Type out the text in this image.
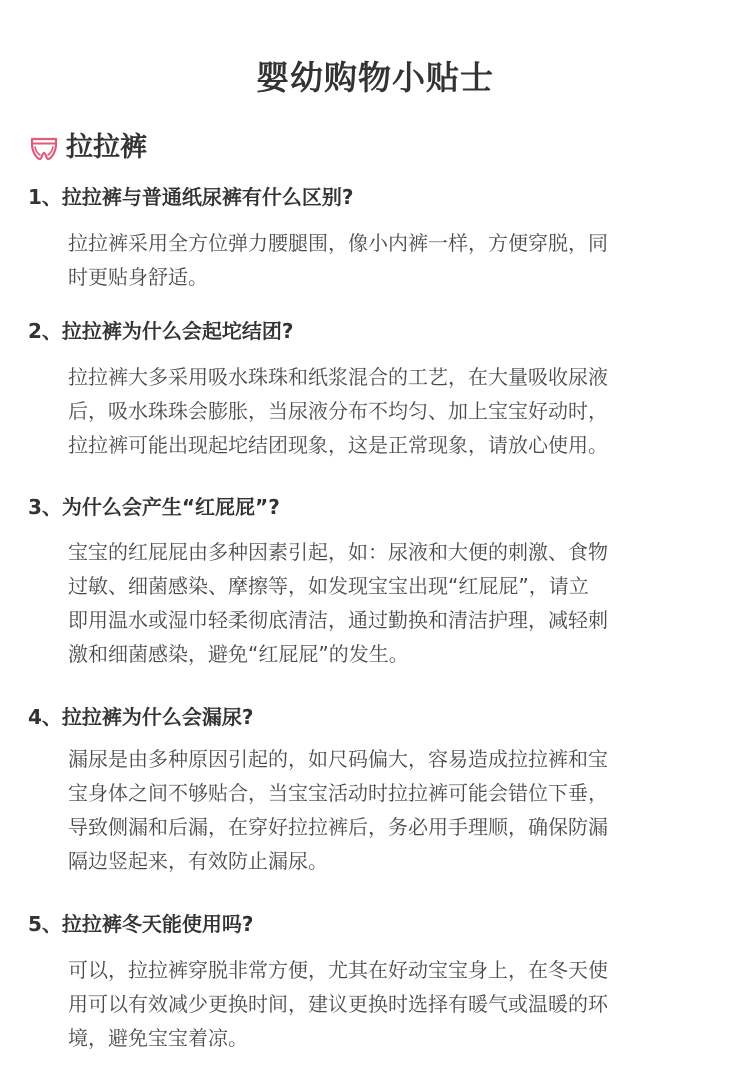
婴幼购物小贴士
拉拉裤
1、拉拉裤与普通纸尿裤有什么区别?
拉拉裤采用全方位弹力腰腿围，像小内裤一样，方便穿脱，同
时更贴身舒适。
2、拉拉裤为什么会起坨结团?
拉拉裤大多采用吸水珠珠和纸浆混合的工艺，在大量吸收尿液
后，吸水珠珠会膨胀，当尿液分布不均匀、加上宝宝好动时，
拉拉裤可能出现起坨结团现象，这是正常现象，请放心使用。
3、为什么会产生“红屁屁”?
宝宝的红屁屁由多种因素引起，如：尿液和大便的刺激、食物
过敏、细菌感染、摩擦等，如发现宝宝出现“红屁屁”，请立
即用温水或湿巾轻柔彻底清洁，通过勤换和清洁护理，减轻刺
激和细菌感染，避免“红屁屁”的发生。
4、拉拉裤为什么会漏尿?
漏尿是由多种原因引起的，如尺码偏大，容易造成拉拉裤和宝
宝身体之间不够贴合，当宝宝活动时拉拉裤可能会错位下垂，
导致侧漏和后漏，在穿好拉拉裤后，务必用手理顺，确保防漏
隔边竖起来，有效防止漏尿。
5、拉拉裤冬天能使用吗?
可以，拉拉裤穿脱非常方便，尤其在好动宝宝身上，在冬天使
用可以有效减少更换时间，建议更换时选择有暖气或温暖的环
境，避免宝宝着凉。
